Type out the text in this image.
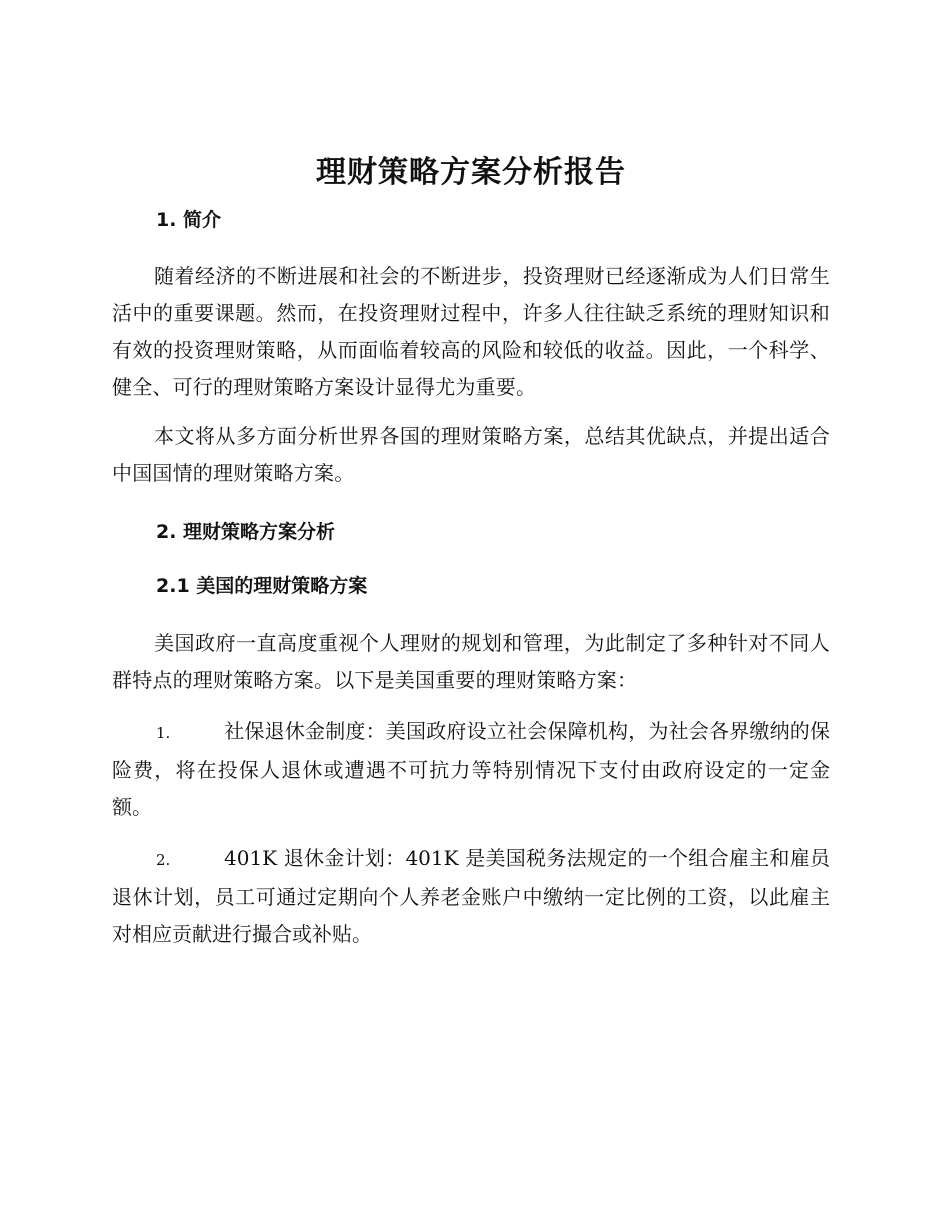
理财策略方案分析报告

1. 简介

随着经济的不断进展和社会的不断进步，投资理财已经逐渐成为人们日常生活中的重要课题。然而，在投资理财过程中，许多人往往缺乏系统的理财知识和有效的投资理财策略，从而面临着较高的风险和较低的收益。因此，一个科学、健全、可行的理财策略方案设计显得尤为重要。

本文将从多方面分析世界各国的理财策略方案，总结其优缺点，并提出适合中国国情的理财策略方案。

2. 理财策略方案分析

2.1 美国的理财策略方案

美国政府一直高度重视个人理财的规划和管理，为此制定了多种针对不同人群特点的理财策略方案。以下是美国重要的理财策略方案：

1.	社保退休金制度：美国政府设立社会保障机构，为社会各界缴纳的保险费，将在投保人退休或遭遇不可抗力等特别情况下支付由政府设定的一定金额。

2.	401K 退休金计划：401K 是美国税务法规定的一个组合雇主和雇员退休计划，员工可通过定期向个人养老金账户中缴纳一定比例的工资，以此雇主对相应贡献进行撮合或补贴。
